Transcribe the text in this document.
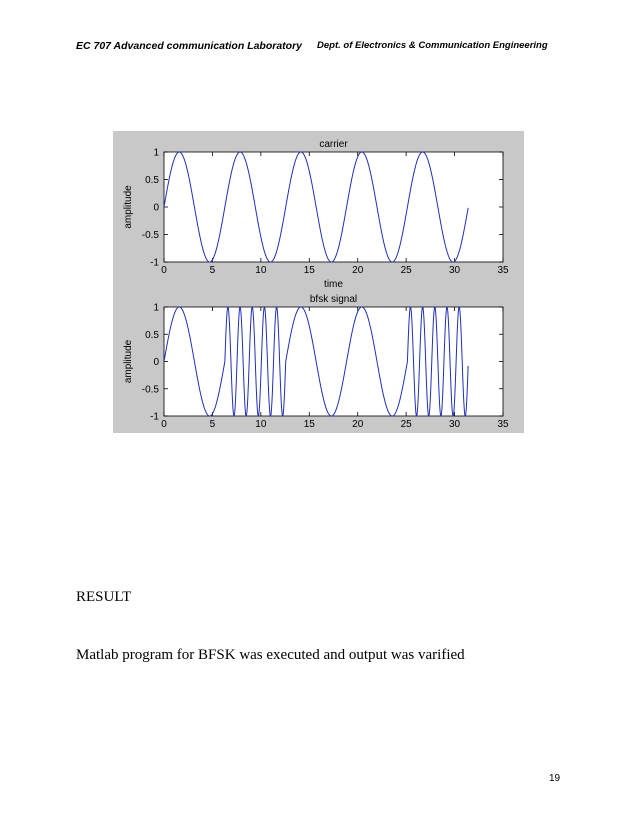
EC 707 Advanced communication Laboratory Dept. of Electronics & Communication Engineering
carrier
time
amplitude
0	5	10	15	20	25	30	35
1
0.5
0
-0.5
-1
bfsk signal
amplitude
0	5	10	15	20	25	30	35
1
0.5
0
-0.5
-1
RESULT
Matlab program for BFSK was executed and output was varified
19
